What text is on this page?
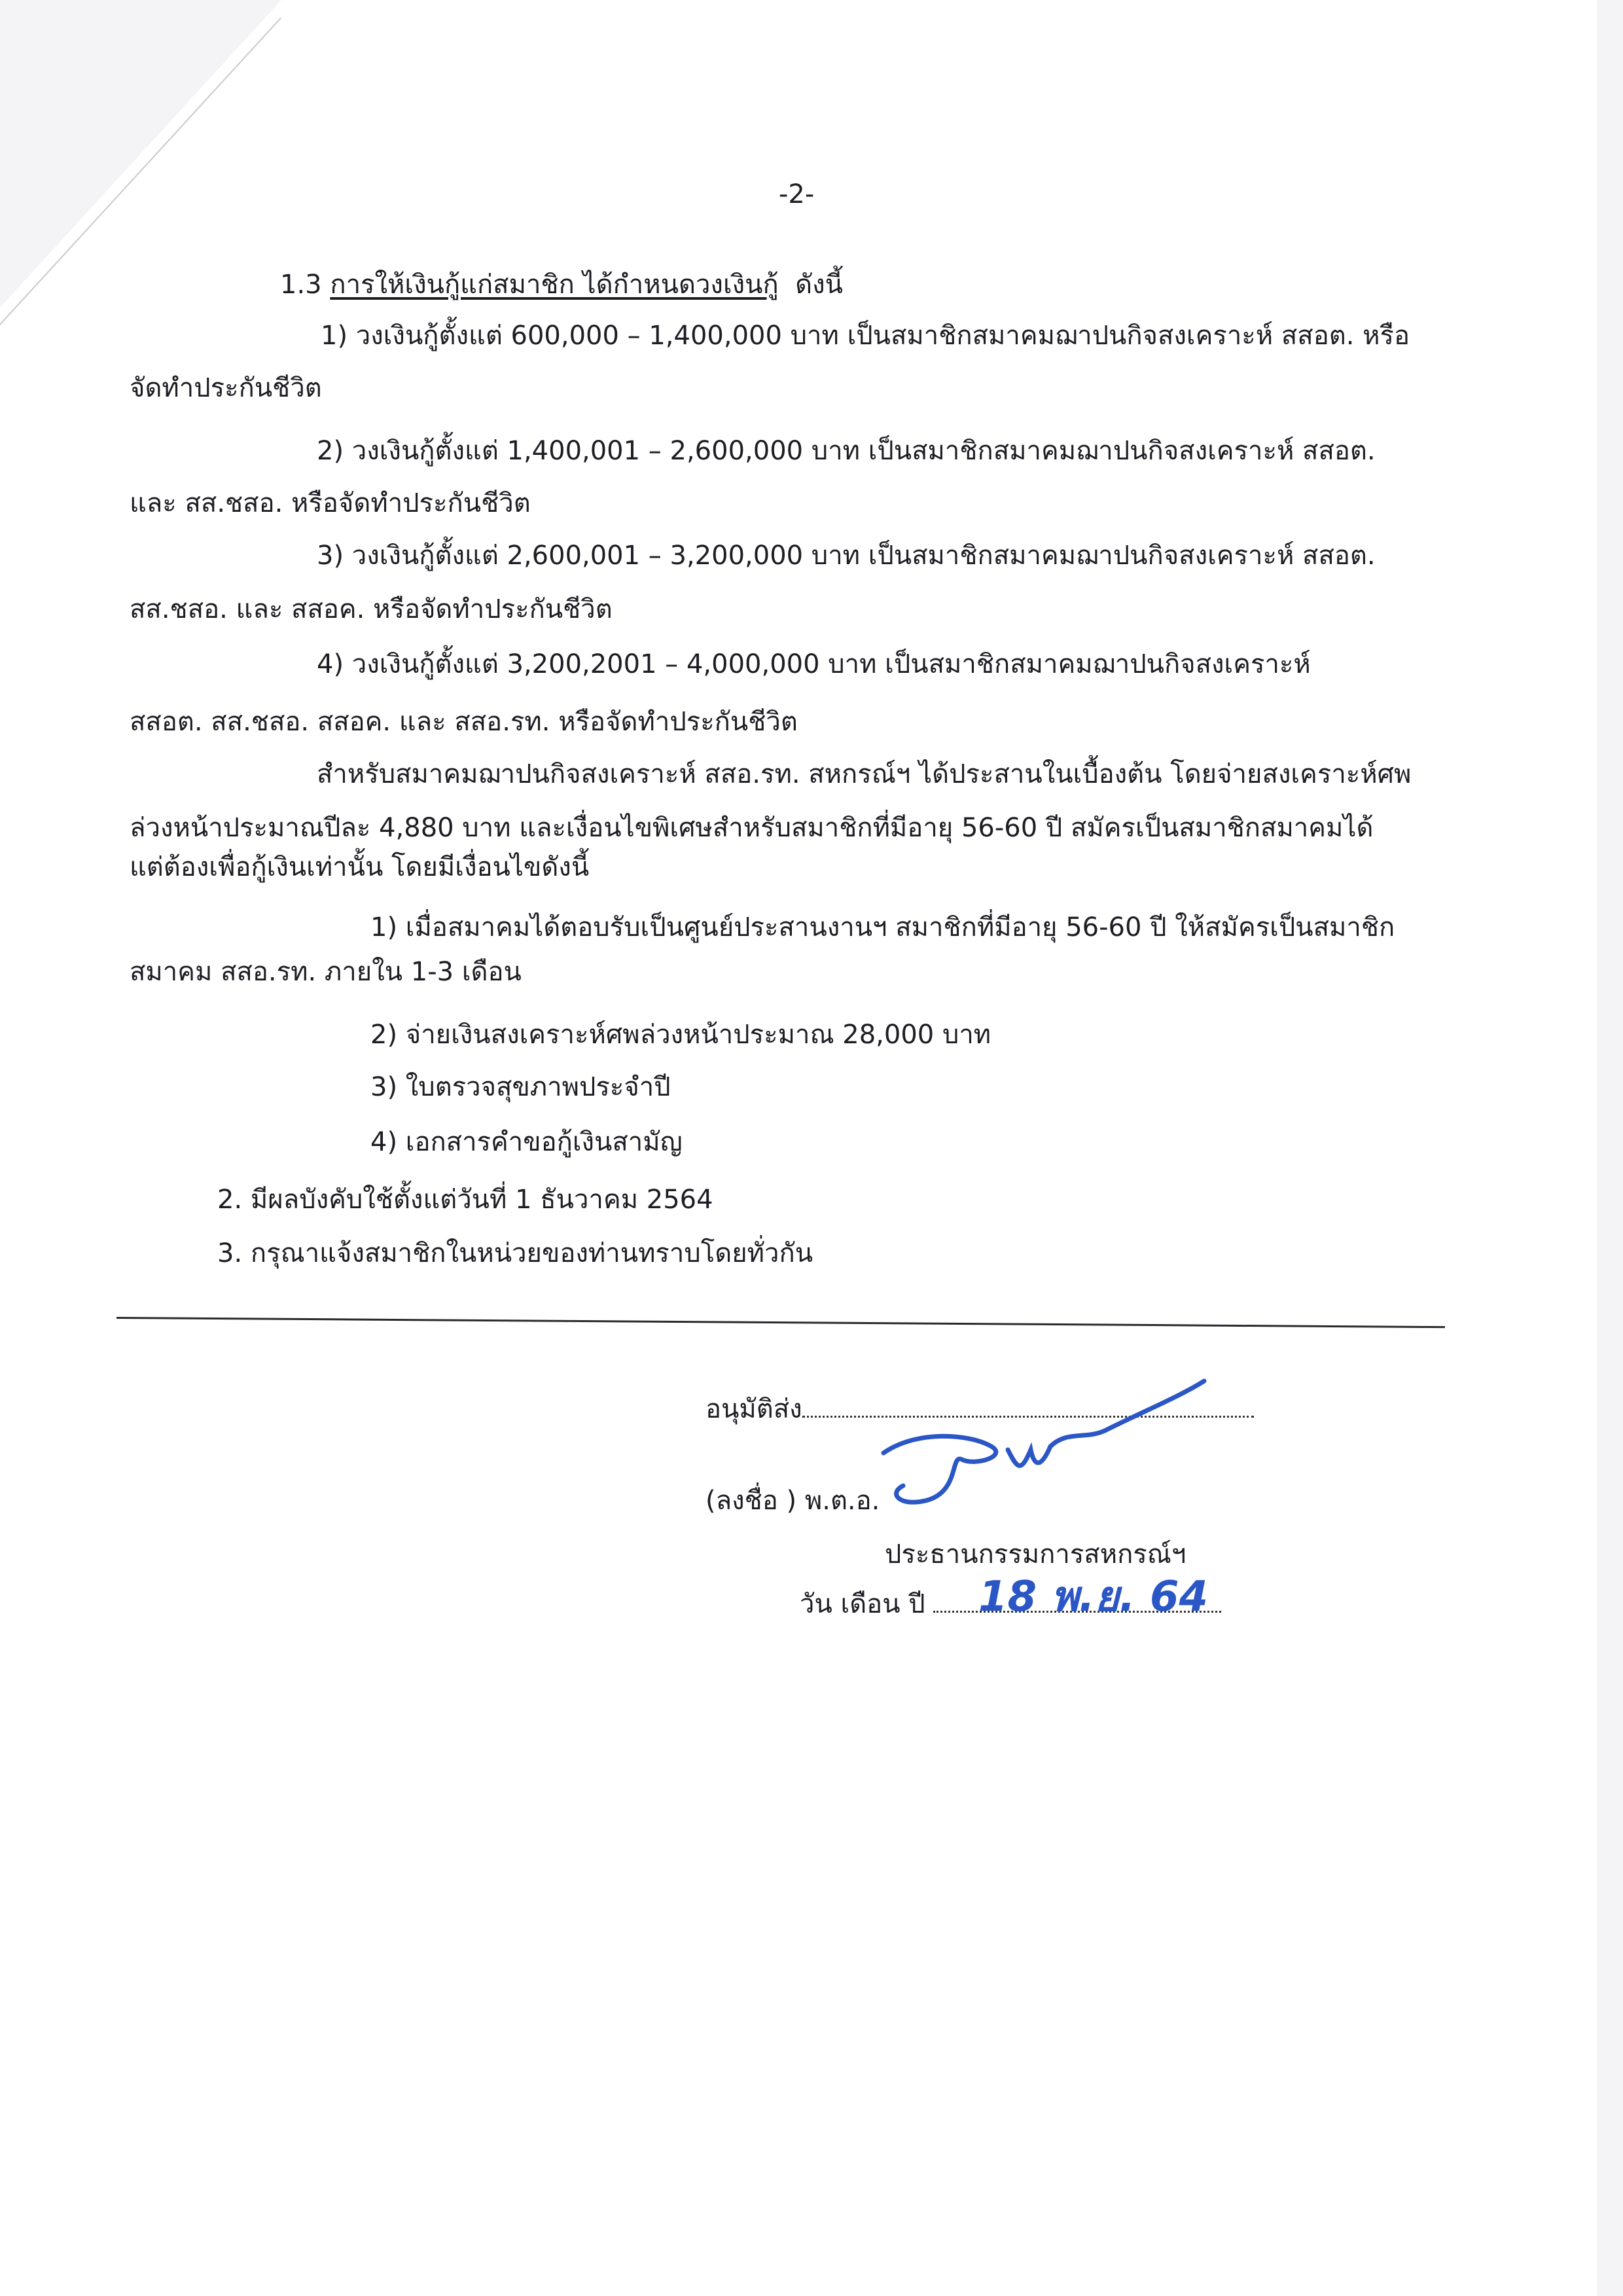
-2-
1.3 การให้เงินกู้แก่สมาชิก ได้กำหนดวงเงินกู้ ดังนี้
1) วงเงินกู้ตั้งแต่ 600,000 – 1,400,000 บาท เป็นสมาชิกสมาคมฌาปนกิจสงเคราะห์ สสอต. หรือ
จัดทำประกันชีวิต
2) วงเงินกู้ตั้งแต่ 1,400,001 – 2,600,000 บาท เป็นสมาชิกสมาคมฌาปนกิจสงเคราะห์ สสอต.
และ สส.ชสอ. หรือจัดทำประกันชีวิต
3) วงเงินกู้ตั้งแต่ 2,600,001 – 3,200,000 บาท เป็นสมาชิกสมาคมฌาปนกิจสงเคราะห์ สสอต.
สส.ชสอ. และ สสอค. หรือจัดทำประกันชีวิต
4) วงเงินกู้ตั้งแต่ 3,200,2001 – 4,000,000 บาท เป็นสมาชิกสมาคมฌาปนกิจสงเคราะห์
สสอต. สส.ชสอ. สสอค. และ สสอ.รท. หรือจัดทำประกันชีวิต
สำหรับสมาคมฌาปนกิจสงเคราะห์ สสอ.รท. สหกรณ์ฯ ได้ประสานในเบื้องต้น โดยจ่ายสงเคราะห์ศพ
ล่วงหน้าประมาณปีละ 4,880 บาท และเงื่อนไขพิเศษสำหรับสมาชิกที่มีอายุ 56-60 ปี สมัครเป็นสมาชิกสมาคมได้
แต่ต้องเพื่อกู้เงินเท่านั้น โดยมีเงื่อนไขดังนี้
1) เมื่อสมาคมได้ตอบรับเป็นศูนย์ประสานงานฯ สมาชิกที่มีอายุ 56-60 ปี ให้สมัครเป็นสมาชิก
สมาคม สสอ.รท. ภายใน 1-3 เดือน
2) จ่ายเงินสงเคราะห์ศพล่วงหน้าประมาณ 28,000 บาท
3) ใบตรวจสุขภาพประจำปี
4) เอกสารคำขอกู้เงินสามัญ
2. มีผลบังคับใช้ตั้งแต่วันที่ 1 ธันวาคม 2564
3. กรุณาแจ้งสมาชิกในหน่วยของท่านทราบโดยทั่วกัน
อนุมัติส่ง
(ลงชื่อ ) พ.ต.อ.
ประธานกรรมการสหกรณ์ฯ
วัน เดือน ปี	18 พ.ย. 64
